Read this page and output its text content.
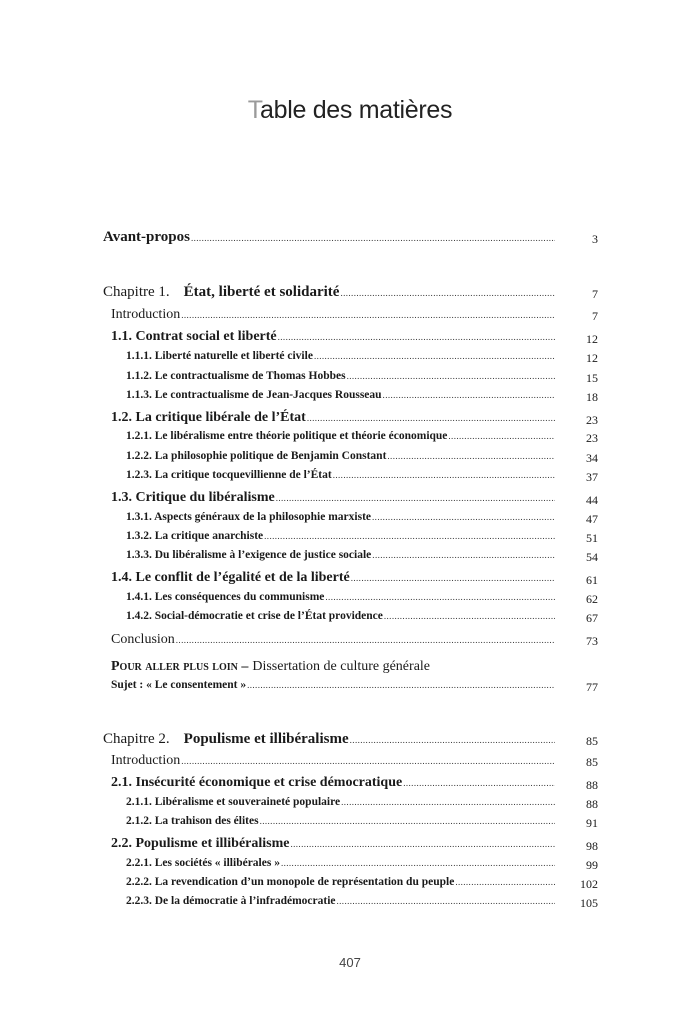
Table des matières
Avant-propos .....	3
Chapitre 1. État, liberté et solidarité .....	7
Introduction .....	7
1.1. Contrat social et liberté .....	12
1.1.1. Liberté naturelle et liberté civile .....	12
1.1.2. Le contractualisme de Thomas Hobbes .....	15
1.1.3. Le contractualisme de Jean-Jacques Rousseau .....	18
1.2. La critique libérale de l’État .....	23
1.2.1. Le libéralisme entre théorie politique et théorie économique .....	23
1.2.2. La philosophie politique de Benjamin Constant .....	34
1.2.3. La critique tocquevillienne de l’État .....	37
1.3. Critique du libéralisme .....	44
1.3.1. Aspects généraux de la philosophie marxiste .....	47
1.3.2. La critique anarchiste .....	51
1.3.3. Du libéralisme à l’exigence de justice sociale .....	54
1.4. Le conflit de l’égalité et de la liberté .....	61
1.4.1. Les conséquences du communisme .....	62
1.4.2. Social-démocratie et crise de l’État providence .....	67
Conclusion .....	73
Pour aller plus loin – Dissertation de culture générale
Sujet : « Le consentement » .....	77
Chapitre 2. Populisme et illibéralisme .....	85
Introduction .....	85
2.1. Insécurité économique et crise démocratique .....	88
2.1.1. Libéralisme et souveraineté populaire .....	88
2.1.2. La trahison des élites .....	91
2.2. Populisme et illibéralisme .....	98
2.2.1. Les sociétés « illibérales » .....	99
2.2.2. La revendication d’un monopole de représentation du peuple .....	102
2.2.3. De la démocratie à l’infradémocratie .....	105
407
